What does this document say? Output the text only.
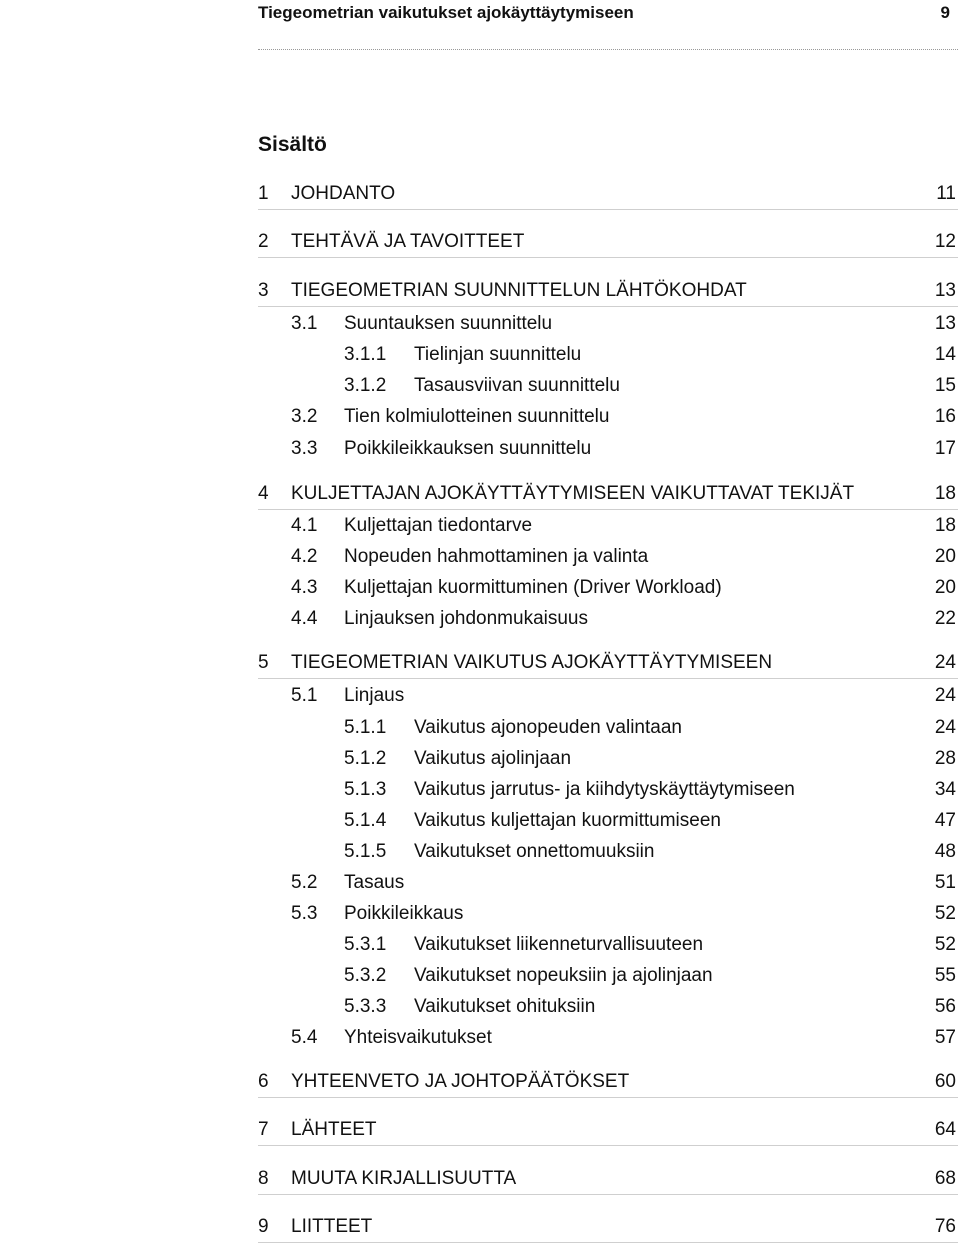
Tiegeometrian vaikutukset ajokäyttäytymiseen	9
Sisältö
1 JOHDANTO	11
2 TEHTÄVÄ JA TAVOITTEET	12
3 TIEGEOMETRIAN SUUNNITTELUN LÄHTÖKOHDAT	13
3.1 Suuntauksen suunnittelu	13
3.1.1 Tielinjan suunnittelu	14
3.1.2 Tasausviivan suunnittelu	15
3.2 Tien kolmiulotteinen suunnittelu	16
3.3 Poikkileikkauksen suunnittelu	17
4 KULJETTAJAN AJOKÄYTTÄYTYMISEEN VAIKUTTAVAT TEKIJÄT	18
4.1 Kuljettajan tiedontarve	18
4.2 Nopeuden hahmottaminen ja valinta	20
4.3 Kuljettajan kuormittuminen (Driver Workload)	20
4.4 Linjauksen johdonmukaisuus	22
5 TIEGEOMETRIAN VAIKUTUS AJOKÄYTTÄYTYMISEEN	24
5.1 Linjaus	24
5.1.1 Vaikutus ajonopeuden valintaan	24
5.1.2 Vaikutus ajolinjaan	28
5.1.3 Vaikutus jarrutus- ja kiihdytyskäyttäytymiseen	34
5.1.4 Vaikutus kuljettajan kuormittumiseen	47
5.1.5 Vaikutukset onnettomuuksiin	48
5.2 Tasaus	51
5.3 Poikkileikkaus	52
5.3.1 Vaikutukset liikenneturvallisuuteen	52
5.3.2 Vaikutukset nopeuksiin ja ajolinjaan	55
5.3.3 Vaikutukset ohituksiin	56
5.4 Yhteisvaikutukset	57
6 YHTEENVETO JA JOHTOPÄÄTÖKSET	60
7 LÄHTEET	64
8 MUUTA KIRJALLISUUTTA	68
9 LIITTEET	76
